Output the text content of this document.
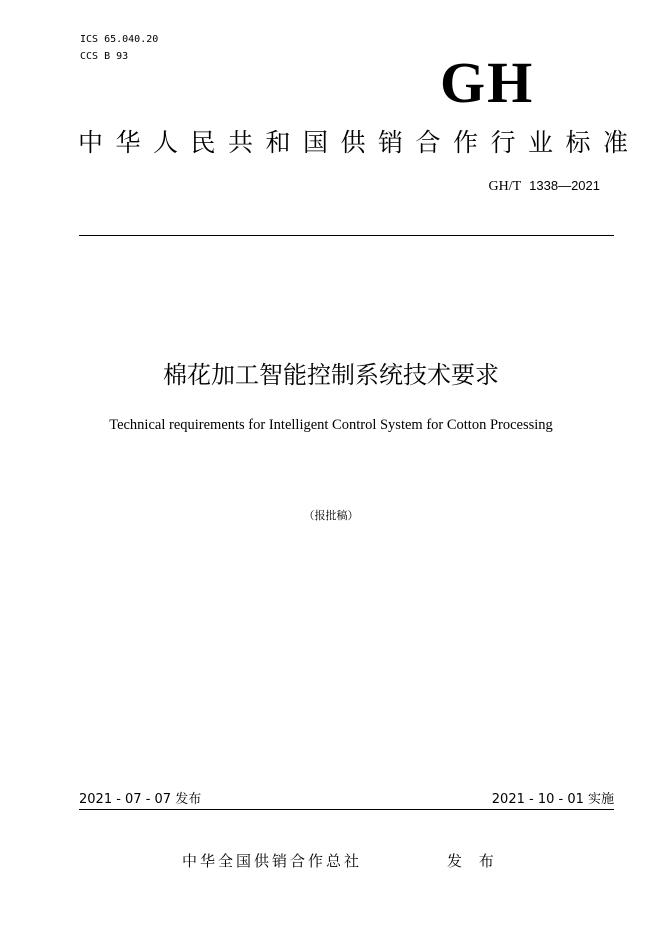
ICS 65.040.20
CCS B 93	GH
中华人民共和国供销合作行业标准
GH/T 1338—2021
棉花加工智能控制系统技术要求
Technical requirements for Intelligent Control System for Cotton Processing
（报批稿）
2021 - 07 - 07 发布	2021 - 10 - 01 实施
中华全国供销合作总社	发 布
